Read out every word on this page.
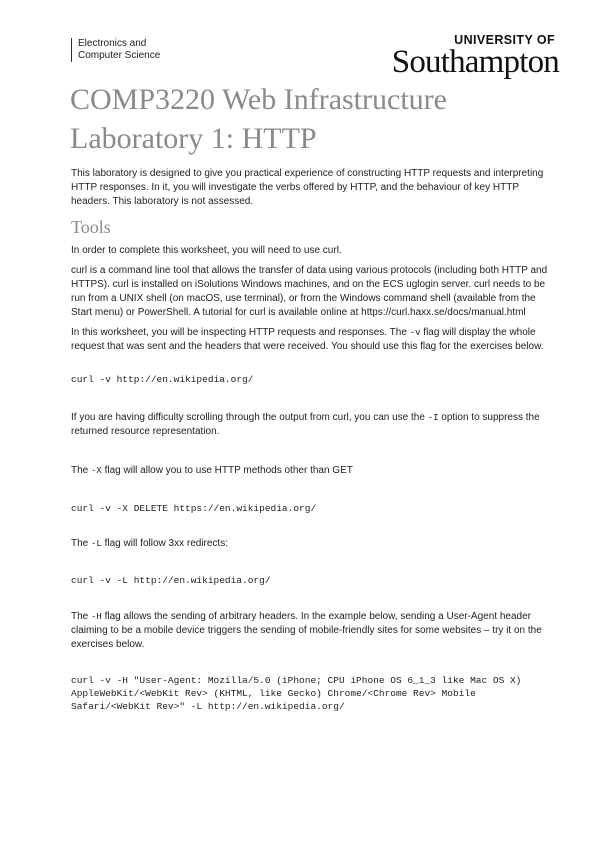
Electronics and
Computer Science
UNIVERSITY OF
Southampton
COMP3220 Web Infrastructure
Laboratory 1: HTTP

This laboratory is designed to give you practical experience of constructing HTTP requests and interpreting HTTP responses. In it, you will investigate the verbs offered by HTTP, and the behaviour of key HTTP headers. This laboratory is not assessed.

Tools

In order to complete this worksheet, you will need to use curl.

curl is a command line tool that allows the transfer of data using various protocols (including both HTTP and HTTPS). curl is installed on iSolutions Windows machines, and on the ECS uglogin server. curl needs to be run from a UNIX shell (on macOS, use terminal), or from the Windows command shell (available from the Start menu) or PowerShell. A tutorial for curl is available online at https://curl.haxx.se/docs/manual.html

In this worksheet, you will be inspecting HTTP requests and responses. The -v flag will display the whole request that was sent and the headers that were received. You should use this flag for the exercises below.

curl -v http://en.wikipedia.org/

If you are having difficulty scrolling through the output from curl, you can use the -I option to suppress the returned resource representation.

The -X flag will allow you to use HTTP methods other than GET

curl -v -X DELETE https://en.wikipedia.org/

The -L flag will follow 3xx redirects:

curl -v -L http://en.wikipedia.org/

The -H flag allows the sending of arbitrary headers. In the example below, sending a User-Agent header claiming to be a mobile device triggers the sending of mobile-friendly sites for some websites – try it on the exercises below.

curl -v -H "User-Agent: Mozilla/5.0 (iPhone; CPU iPhone OS 6_1_3 like Mac OS X) AppleWebKit/<WebKit Rev> (KHTML, like Gecko) Chrome/<Chrome Rev> Mobile Safari/<WebKit Rev>" -L http://en.wikipedia.org/
